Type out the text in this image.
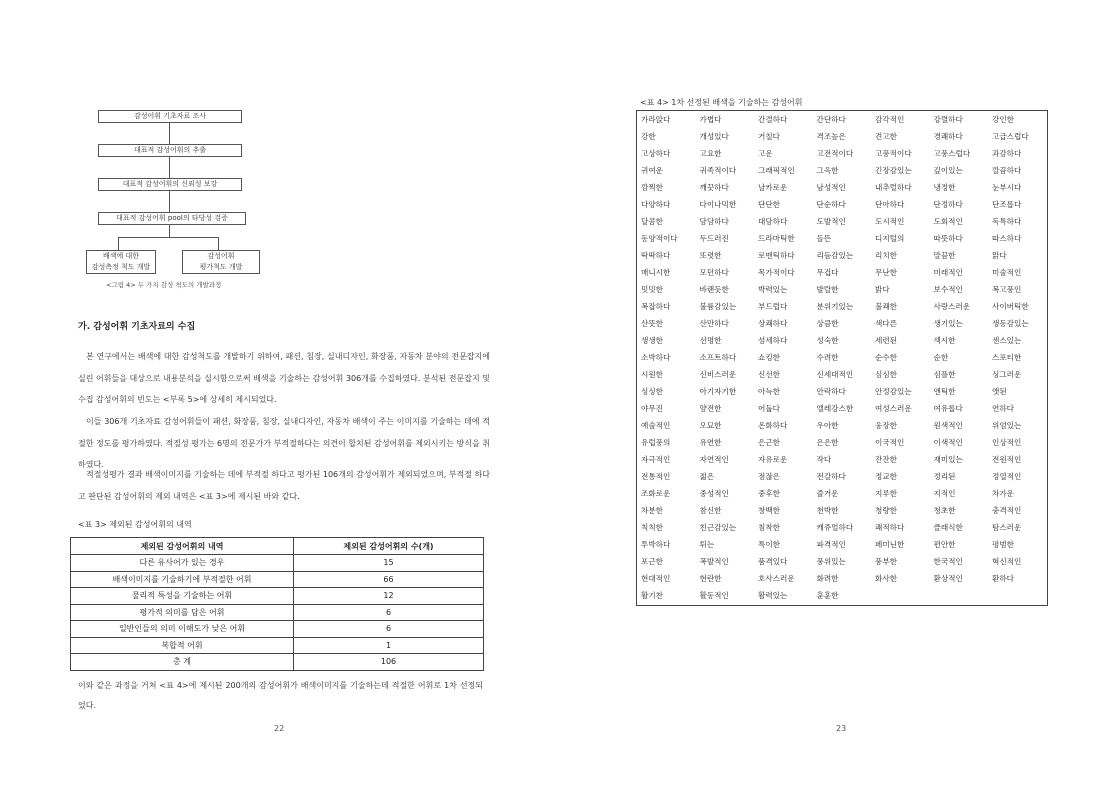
감성어휘 기초자료 조사
대표적 감성어휘의 추출
대표적 감성어휘의 신뢰성 보강
대표적 감성어휘 pool의 타당성 검증
배색에 대한
감성측정 척도 개발
감성어휘
평가척도 개발
<그림 4> 두 가지 감성 척도의 개발과정
가. 감성어휘 기초자료의 수집

본 연구에서는 배색에 대한 감성척도를 개발하기 위하여, 패션, 침장, 실내디자인, 화장품, 자동차 분야의 전문잡지에 실린 어휘들을 대상으로 내용분석을 실시함으로써 배색을 기술하는 감성어휘 306개를 수집하였다. 분석된 전문잡지 및 수집 감성어휘의 빈도는 <부록 5>에 상세히 제시되었다.

이들 306개 기초자료 감성어휘들이 패션, 화장품, 침장, 실내디자인, 자동차 배색이 주는 이미지를 기술하는 데에 적절한 정도를 평가하였다. 적절성 평가는 6명의 전문가가 부적절하다는 의견이 합치된 감성어휘를 제외시키는 방식을 취하였다.

적절성평가 결과 배색이미지를 기술하는 데에 부적절 하다고 평가된 106개의 감성어휘가 제외되었으며, 부적절 하다고 판단된 감성어휘의 제외 내역은 <표 3>에 제시된 바와 같다.

<표 3> 제외된 감성어휘의 내역
제외된 감성어휘의 내역	제외된 감성어휘의 수(개)
다른 유사어가 있는 경우	15
배색이미지를 기술하기에 부적절한 어휘	66
물리적 특성을 기술하는 어휘	12
평가적 의미를 담은 어휘	6
일반인들의 의미 이해도가 낮은 어휘	6
복합적 어휘	1
총 계	106

이와 같은 과정을 거쳐 <표 4>에 제시된 200개의 감성어휘가 배색이미지를 기술하는데 적절한 어휘로 1차 선정되었다.

22
<표 4> 1차 선정된 배색을 기술하는 감성어휘
가라앉다	가볍다	간결하다	간단하다	감각적인	강렬하다	강인한
강한	개성있다	거칠다	격조높은	견고한	경쾌하다	고급스럽다
고상하다	고요한	고운	고전적이다	고풍적이다	고풍스럽다	과감하다
귀여운	귀족적이다	그래픽적인	그윽한	긴장감있는	깊이있는	깔끔하다
깜찍한	깨끗하다	날카로운	남성적인	내추럴하다	냉정한	눈부시다
다양하다	다이나믹한	단단한	단순하다	단아하다	단정하다	단조롭다
달콤한	담담하다	대담하다	도발적인	도시적인	도회적인	독특하다
동양적이다	두드러진	드라마틱한	들뜬	디지털의	따뜻하다	따스하다
딱딱하다	또렷한	로맨틱하다	리듬감있는	리치한	말끔한	맑다
매니시한	모던하다	목가적이다	무겁다	무난한	미래적인	미술적인
밋밋한	바랜듯한	박력있는	발랄한	밝다	보수적인	복고풍인
복잡하다	불륨감있는	부드럽다	분위기있는	불쾌한	사랑스러운	사이버틱한
산뜻한	산만하다	상쾌하다	상큼한	색다른	생기있는	생동감있는
생생한	선명한	섬세하다	성숙한	세련된	섹시한	센스있는
소박하다	소프트하다	쇼킹한	수려한	순수한	순한	스포티한
시원한	신비스러운	신선한	신세대적인	심심한	심플한	싱그러운
싱싱한	아기자기한	아늑한	안락하다	안정감있는	앤틱한	앳된
야무진	얌전한	어둡다	엘레강스한	여성스러운	여유롭다	연하다
예술적인	오묘한	온화하다	우아한	웅장한	원색적인	위엄있는
유럽풍의	유연한	은근한	은은한	이국적인	이색적인	인상적인
자극적인	자연적인	자유로운	작다	잔잔한	재미있는	전원적인
전통적인	젊은	점잖은	전갈하다	정교한	정리된	정열적인
조화로운	중성적인	중후한	즐거운	지루한	지적인	차가운
차분한	참신한	창백한	천박한	청량한	청초한	충격적인
칙칙한	친근감있는	침착한	캐쥬얼하다	쾌적하다	클래식한	탐스러운
투박하다	튀는	특이한	파격적인	페미닌한	편안한	평범한
포근한	폭발적인	품격있다	풍위있는	풍부한	한국적인	혁신적인
현대적인	현란한	호사스러운	화려한	화사한	환상적인	환하다
활기찬	활동적인	활력있는	훈훈한
23
